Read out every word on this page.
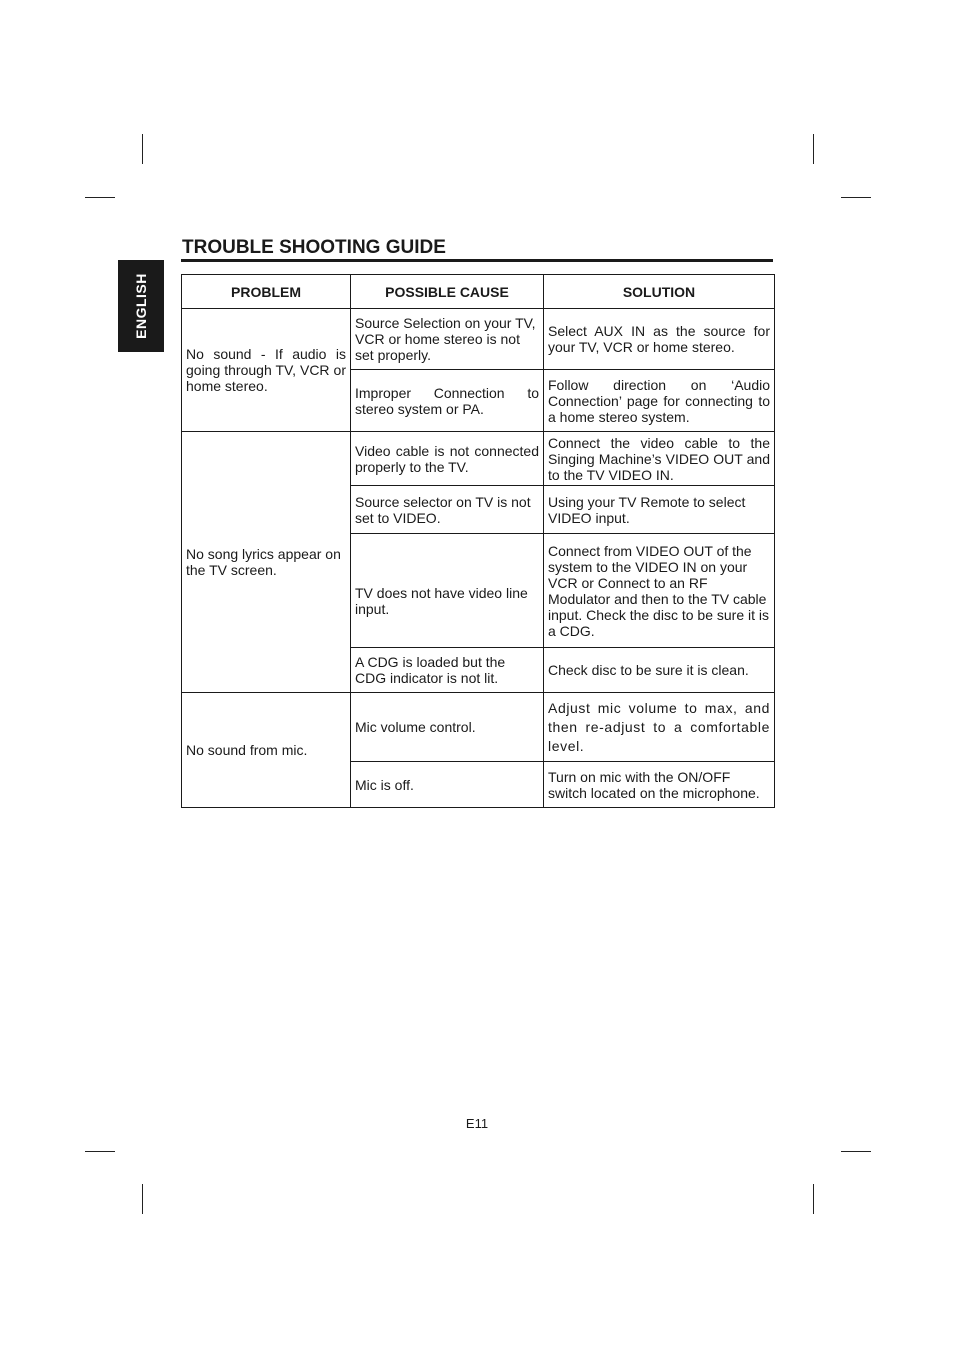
ENGLISH
TROUBLE SHOOTING GUIDE
PROBLEM	POSSIBLE CAUSE	SOLUTION
No sound - If audio is going through TV, VCR or home stereo.	Source Selection on your TV, VCR or home stereo is not set properly.	Select AUX IN as the source for your TV, VCR or home stereo.
	Improper Connection to stereo system or PA.	Follow direction on ‘Audio Connection’ page for connecting to a home stereo system.
No song lyrics appear on the TV screen.	Video cable is not connected properly to the TV.	Connect the video cable to the Singing Machine’s VIDEO OUT and to the TV VIDEO IN.
	Source selector on TV is not set to VIDEO.	Using your TV Remote to select VIDEO input.
	TV does not have video line input.	Connect from VIDEO OUT of the system to the VIDEO IN on your VCR or Connect to an RF Modulator and then to the TV cable input. Check the disc to be sure it is a CDG.
	A CDG is loaded but the CDG indicator is not lit.	Check disc to be sure it is clean.
No sound from mic.	Mic volume control.	Adjust mic volume to max, and then re-adjust to a comfortable level.
	Mic is off.	Turn on mic with the ON/OFF switch located on the microphone.
E11
